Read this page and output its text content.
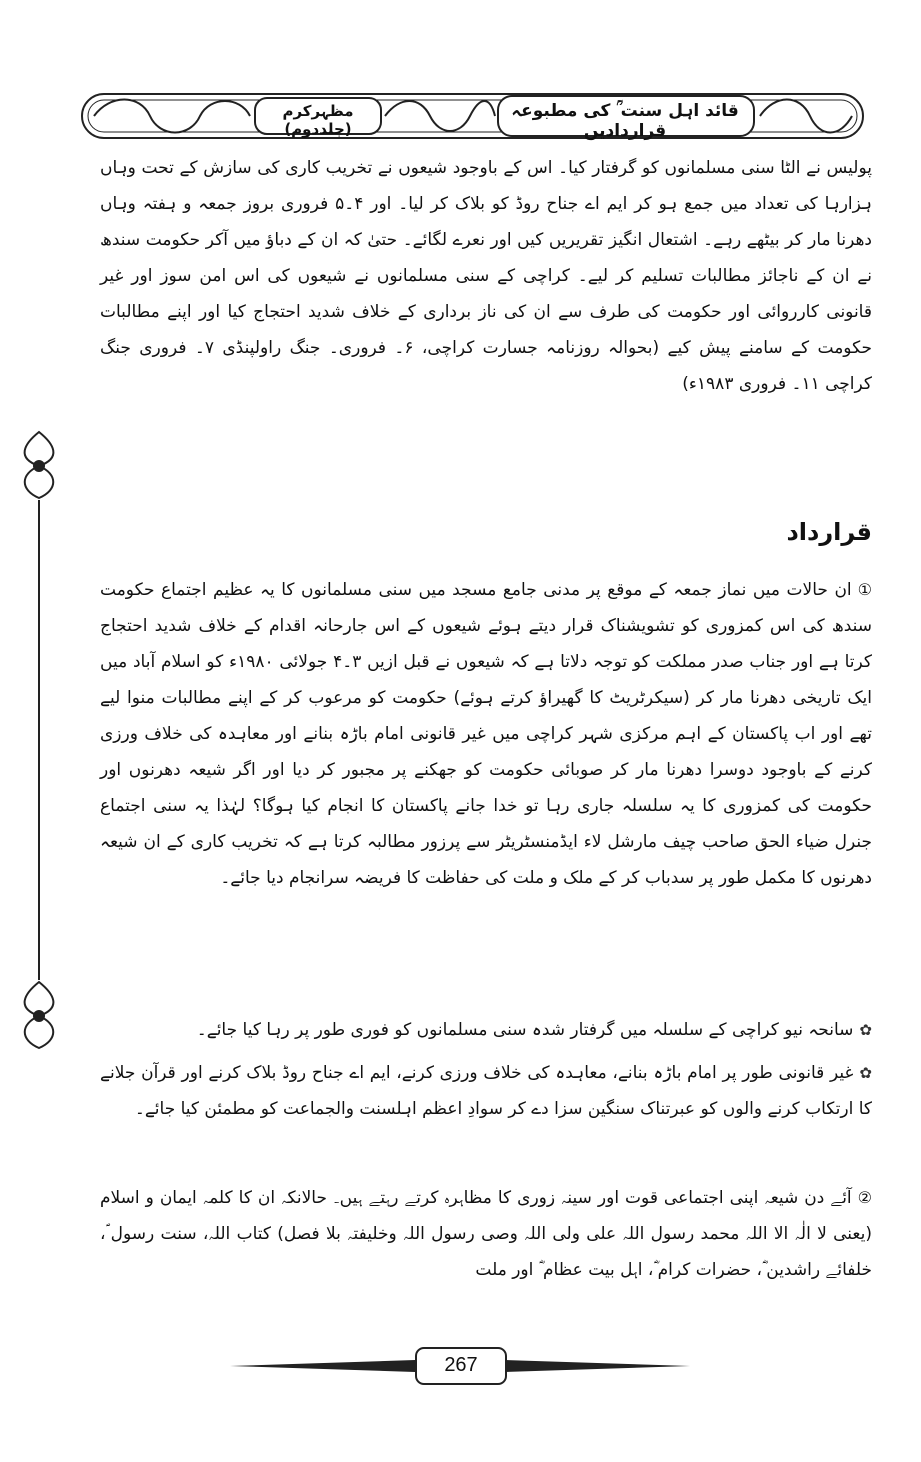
مظہرکرم (جلددوم)
قائد اہل سنت ؒ کی مطبوعہ قراردادیں

پولیس نے الٹا سنی مسلمانوں کو گرفتار کیا۔ اس کے باوجود شیعوں نے تخریب کاری کی سازش کے تحت وہاں ہزارہا کی تعداد میں جمع ہو کر ایم اے جناح روڈ کو بلاک کر لیا۔ اور ۴۔۵ فروری بروز جمعہ و ہفتہ وہاں دھرنا مار کر بیٹھے رہے۔ اشتعال انگیز تقریریں کیں اور نعرے لگائے۔ حتیٰ کہ ان کے دباؤ میں آکر حکومت سندھ نے ان کے ناجائز مطالبات تسلیم کر لیے۔ کراچی کے سنی مسلمانوں نے شیعوں کی اس امن سوز اور غیر قانونی کارروائی اور حکومت کی طرف سے ان کی ناز برداری کے خلاف شدید احتجاج کیا اور اپنے مطالبات حکومت کے سامنے پیش کیے (بحوالہ روزنامہ جسارت کراچی، ۶۔ فروری۔ جنگ راولپنڈی ۷۔ فروری جنگ کراچی ۱۱۔ فروری ۱۹۸۳ء)

قرارداد

①ان حالات میں نماز جمعہ کے موقع پر مدنی جامع مسجد میں سنی مسلمانوں کا یہ عظیم اجتماع حکومت سندھ کی اس کمزوری کو تشویشناک قرار دیتے ہوئے شیعوں کے اس جارحانہ اقدام کے خلاف شدید احتجاج کرتا ہے اور جناب صدر مملکت کو توجہ دلاتا ہے کہ شیعوں نے قبل ازیں ۳۔۴ جولائی ۱۹۸۰ء کو اسلام آباد میں ایک تاریخی دھرنا مار کر (سیکرٹریٹ کا گھیراؤ کرتے ہوئے) حکومت کو مرعوب کر کے اپنے مطالبات منوا لیے تھے اور اب پاکستان کے اہم مرکزی شہر کراچی میں غیر قانونی امام باڑہ بنانے اور معاہدہ کی خلاف ورزی کرنے کے باوجود دوسرا دھرنا مار کر صوبائی حکومت کو جھکنے پر مجبور کر دیا اور اگر شیعہ دھرنوں اور حکومت کی کمزوری کا یہ سلسلہ جاری رہا تو خدا جانے پاکستان کا انجام کیا ہوگا؟ لہٰذا یہ سنی اجتماع جنرل ضیاء الحق صاحب چیف مارشل لاء ایڈمنسٹریٹر سے پرزور مطالبہ کرتا ہے کہ تخریب کاری کے ان شیعہ دھرنوں کا مکمل طور پر سدباب کر کے ملک و ملت کی حفاظت کا فریضہ سرانجام دیا جائے۔

✿سانحہ نیو کراچی کے سلسلہ میں گرفتار شدہ سنی مسلمانوں کو فوری طور پر رہا کیا جائے۔
✿غیر قانونی طور پر امام باڑہ بنانے، معاہدہ کی خلاف ورزی کرنے، ایم اے جناح روڈ بلاک کرنے اور قرآن جلانے کا ارتکاب کرنے والوں کو عبرتناک سنگین سزا دے کر سوادِ اعظم اہلسنت والجماعت کو مطمئن کیا جائے۔

②آئے دن شیعہ اپنی اجتماعی قوت اور سینہ زوری کا مظاہرہ کرتے رہتے ہیں۔ حالانکہ ان کا کلمہ ایمان و اسلام (یعنی لا الٰہ الا اللہ محمد رسول اللہ علی ولی اللہ وصی رسول اللہ وخلیفتہ بلا فصل) کتاب اللہ، سنت رسول ؐ، خلفائے راشدین ؓ، حضرات کرام ؓ، اہل بیت عظام ؓ اور ملت

267
